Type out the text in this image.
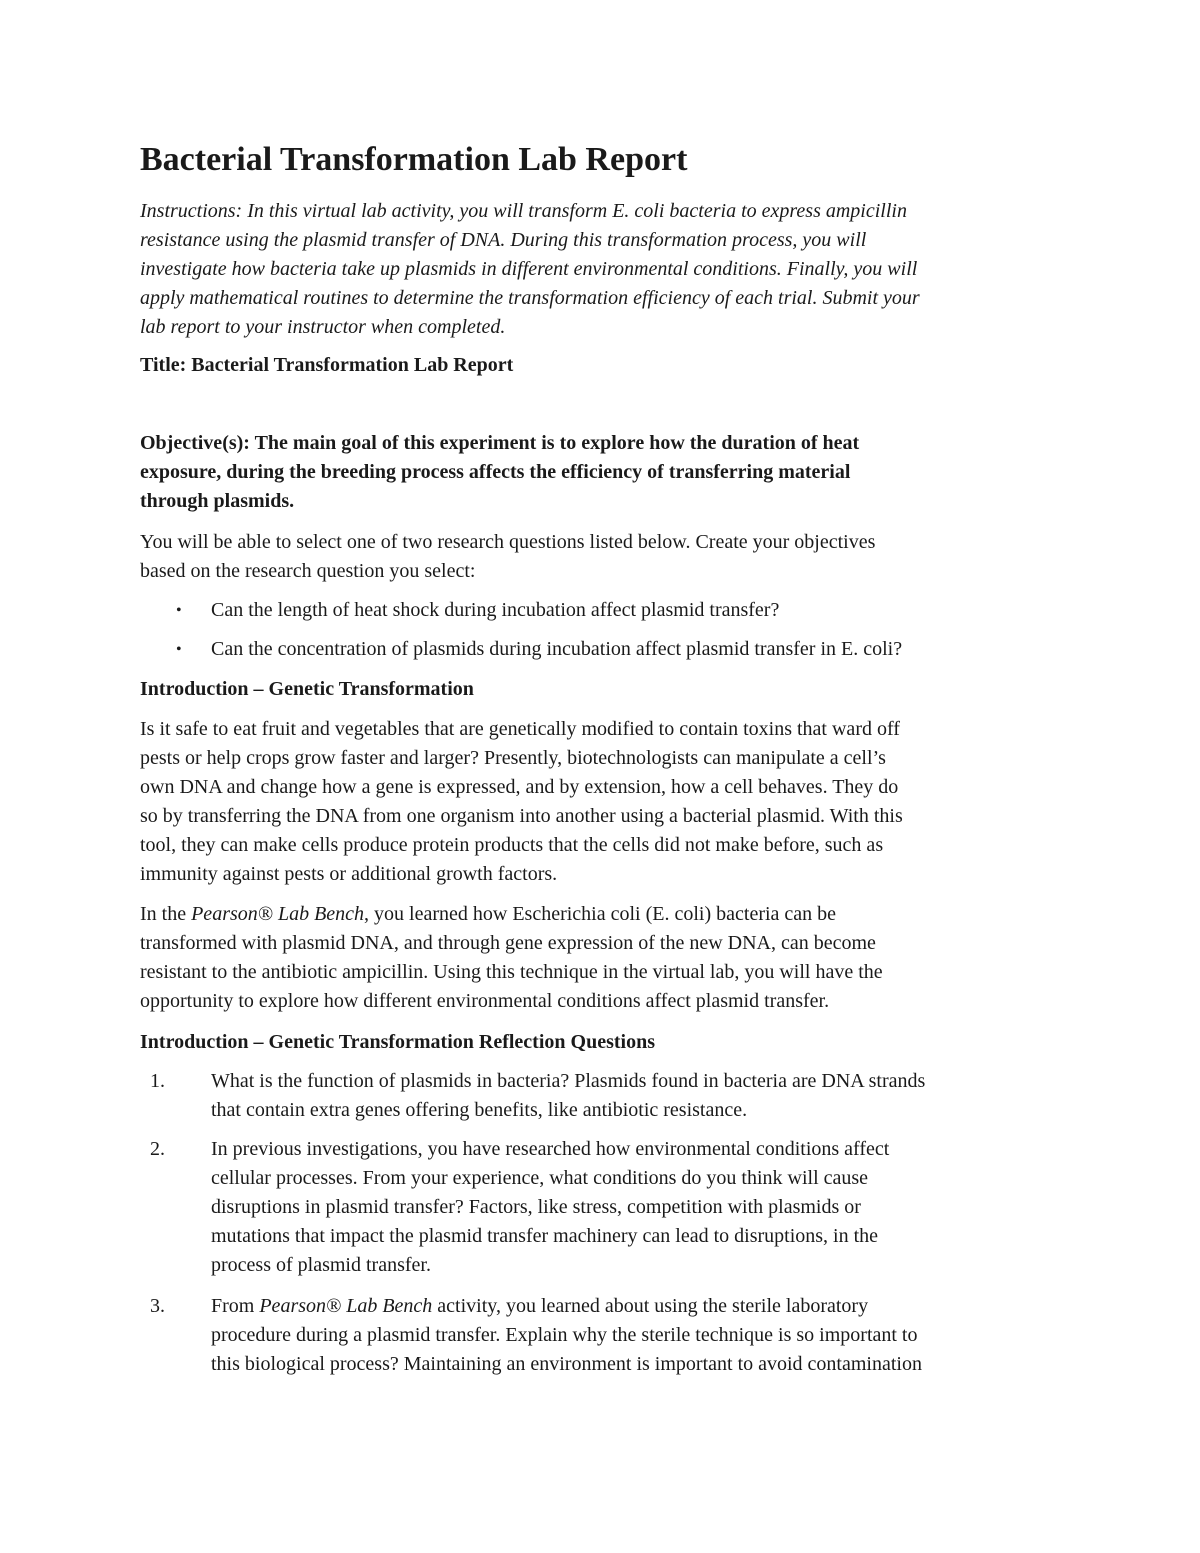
Bacterial Transformation Lab Report
Instructions: In this virtual lab activity, you will transform E. coli bacteria to express ampicillin
resistance using the plasmid transfer of DNA. During this transformation process, you will
investigate how bacteria take up plasmids in different environmental conditions. Finally, you will
apply mathematical routines to determine the transformation efficiency of each trial. Submit your
lab report to your instructor when completed.
Title: Bacterial Transformation Lab Report
Objective(s): The main goal of this experiment is to explore how the duration of heat
exposure, during the breeding process affects the efficiency of transferring material
through plasmids.
You will be able to select one of two research questions listed below. Create your objectives
based on the research question you select:
• Can the length of heat shock during incubation affect plasmid transfer?
• Can the concentration of plasmids during incubation affect plasmid transfer in E. coli?
Introduction – Genetic Transformation
Is it safe to eat fruit and vegetables that are genetically modified to contain toxins that ward off
pests or help crops grow faster and larger? Presently, biotechnologists can manipulate a cell’s
own DNA and change how a gene is expressed, and by extension, how a cell behaves. They do
so by transferring the DNA from one organism into another using a bacterial plasmid. With this
tool, they can make cells produce protein products that the cells did not make before, such as
immunity against pests or additional growth factors.
In the Pearson® Lab Bench, you learned how Escherichia coli (E. coli) bacteria can be
transformed with plasmid DNA, and through gene expression of the new DNA, can become
resistant to the antibiotic ampicillin. Using this technique in the virtual lab, you will have the
opportunity to explore how different environmental conditions affect plasmid transfer.
Introduction – Genetic Transformation Reflection Questions
1. What is the function of plasmids in bacteria? Plasmids found in bacteria are DNA strands
that contain extra genes offering benefits, like antibiotic resistance.
2. In previous investigations, you have researched how environmental conditions affect
cellular processes. From your experience, what conditions do you think will cause
disruptions in plasmid transfer? Factors, like stress, competition with plasmids or
mutations that impact the plasmid transfer machinery can lead to disruptions, in the
process of plasmid transfer.
3. From Pearson® Lab Bench activity, you learned about using the sterile laboratory
procedure during a plasmid transfer. Explain why the sterile technique is so important to
this biological process? Maintaining an environment is important to avoid contamination
